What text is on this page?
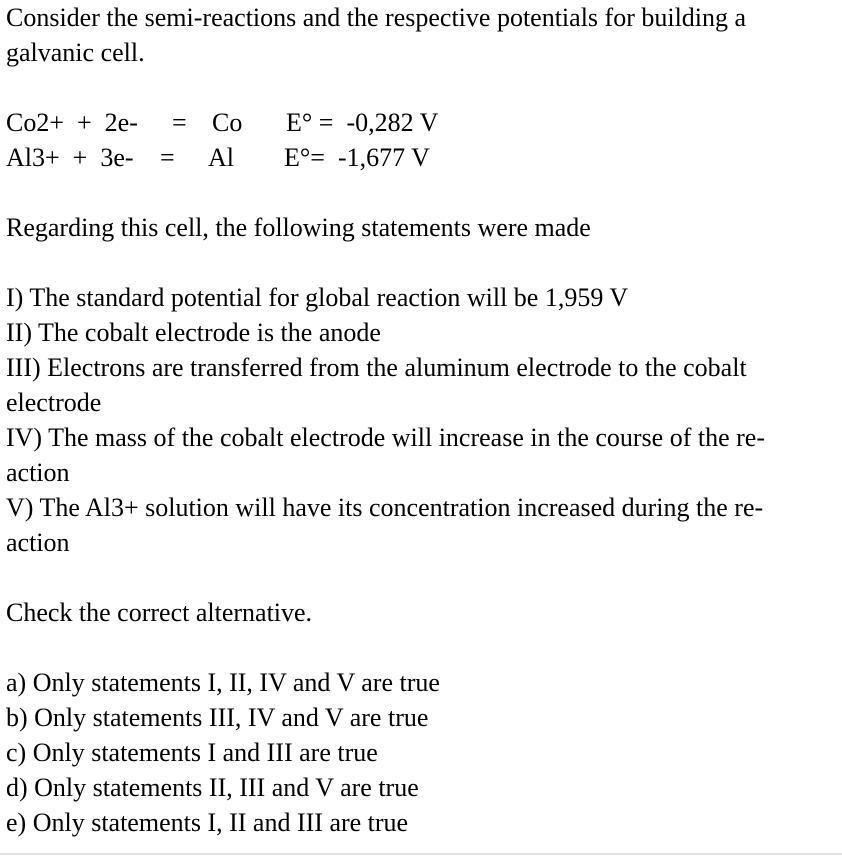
Consider the semi-reactions and the respective potentials for building a

galvanic cell.

Co2+  +  2e-

=

Co

E° =  -0,282 V

Al3+  +  3e-

=

Al

E°=  -1,677 V

Regarding this cell, the following statements were made

I) The standard potential for global reaction will be 1,959 V

II) The cobalt electrode is the anode

III) Electrons are transferred from the aluminum electrode to the cobalt

electrode

IV) The mass of the cobalt electrode will increase in the course of the re-

action

V) The Al3+ solution will have its concentration increased during the re-

action

Check the correct alternative.

a) Only statements I, II, IV and V are true

b) Only statements III, IV and V are true

c) Only statements I and III are true

d) Only statements II, III and V are true

e) Only statements I, II and III are true
